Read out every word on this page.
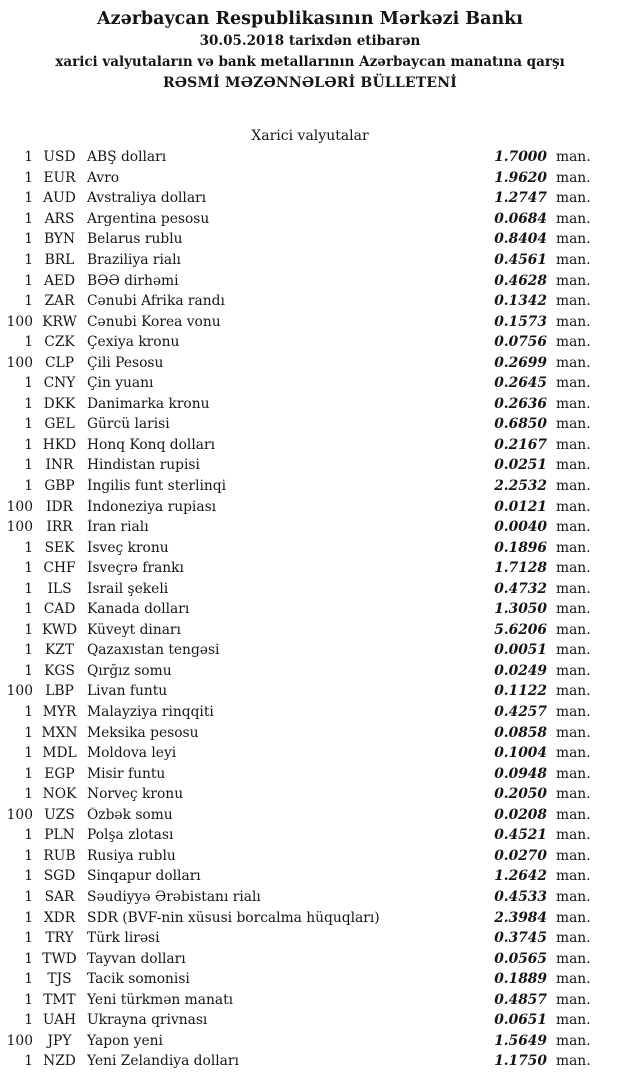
Azərbaycan Respublikasının Mərkəzi Bankı
30.05.2018 tarixdən etibarən
xarici valyutaların və bank metallarının Azərbaycan manatına qarşı
RƏSMİ MƏZƏNNƏLƏRİ BÜLLETENİ
Xarici valyutalar
1 USD ABŞ dolları	1.7000 man.
1 EUR Avro	1.9620 man.
1 AUD Avstraliya dolları	1.2747 man.
1 ARS Argentina pesosu	0.0684 man.
1 BYN Belarus rublu	0.8404 man.
1 BRL Braziliya rialı	0.4561 man.
1 AED BƏƏ dirhəmi	0.4628 man.
1 ZAR Cənubi Afrika randı	0.1342 man.
100 KRW Cənubi Korea vonu	0.1573 man.
1 CZK Çexiya kronu	0.0756 man.
100 CLP Çili Pesosu	0.2699 man.
1 CNY Çin yuanı	0.2645 man.
1 DKK Danimarka kronu	0.2636 man.
1 GEL Gürcü larisi	0.6850 man.
1 HKD Honq Konq dolları	0.2167 man.
1 INR Hindistan rupisi	0.0251 man.
1 GBP İngilis funt sterlinqi	2.2532 man.
100 IDR	İndoneziya rupiası	0.0121 man.
100 IRR	İran rialı	0.0040 man.
1 SEK İsveç kronu	0.1896 man.
1 CHF İsveçrə frankı	1.7128 man.
1	ILS	İsrail şekeli	0.4732 man.
1 CAD Kanada dolları	1.3050 man.
1 KWD Küveyt dinarı	5.6206 man.
1 KZT Qazaxıstan tengəsi	0.0051 man.
1 KGS Qırğız somu	0.0249 man.
100 LBP Livan funtu	0.1122 man.
1 MYR Malayziya rinqqiti	0.4257 man.
1 MXN Meksika pesosu	0.0858 man.
1 MDL Moldova leyi	0.1004 man.
1 EGP Misir funtu	0.0948 man.
1 NOK Norveç kronu	0.2050 man.
100 UZS Özbək somu	0.0208 man.
1 PLN Polşa zlotası	0.4521 man.
1 RUB Rusiya rublu	0.0270 man.
1 SGD Sinqapur dolları	1.2642 man.
1 SAR Səudiyyə Ərəbistanı rialı	0.4533 man.
1 XDR SDR (BVF-nin xüsusi borcalma hüquqları)	2.3984 man.
1 TRY Türk lirəsi	0.3745 man.
1 TWD Tayvan dolları	0.0565 man.
1	TJS	Tacik somonisi	0.1889 man.
1 TMT Yeni türkmən manatı	0.4857 man.
1 UAH Ukrayna qrivnası	0.0651 man.
100	JPY	Yapon yeni	1.5649 man.
1 NZD Yeni Zelandiya dolları	1.1750 man.
